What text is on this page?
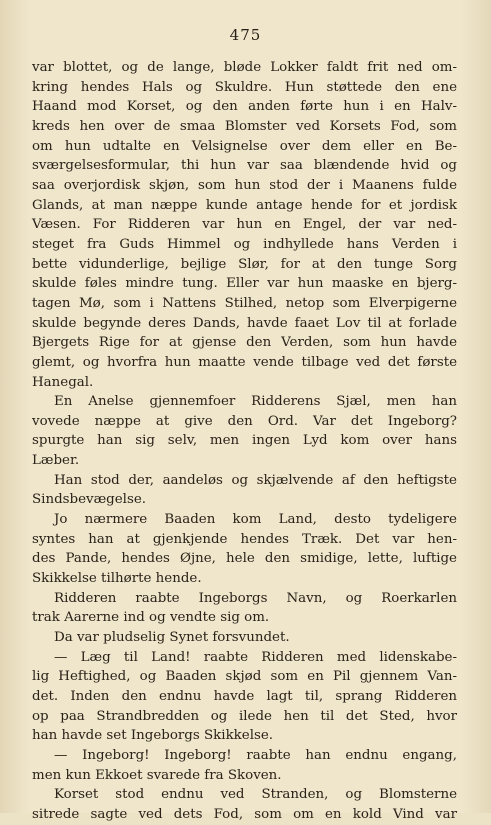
475
var blottet, og de lange, bløde Lokker faldt frit ned om-
kring hendes Hals og Skuldre. Hun støttede den ene
Haand mod Korset, og den anden førte hun i en Halv-
kreds hen over de smaa Blomster ved Korsets Fod, som
om hun udtalte en Velsignelse over dem eller en Be-
sværgelsesformular, thi hun var saa blændende hvid og
saa overjordisk skjøn, som hun stod der i Maanens fulde
Glands, at man næppe kunde antage hende for et jordisk
Væsen. For Ridderen var hun en Engel, der var ned-
steget fra Guds Himmel og indhyllede hans Verden i
bette vidunderlige, bejlige Slør, for at den tunge Sorg
skulde føles mindre tung. Eller var hun maaske en bjerg-
tagen Mø, som i Nattens Stilhed, netop som Elverpigerne
skulde begynde deres Dands, havde faaet Lov til at forlade
Bjergets Rige for at gjense den Verden, som hun havde
glemt, og hvorfra hun maatte vende tilbage ved det første
Hanegal.
En Anelse gjennemfoer Ridderens Sjæl, men han
vovede næppe at give den Ord. Var det Ingeborg?
spurgte han sig selv, men ingen Lyd kom over hans
Læber.
Han stod der, aandeløs og skjælvende af den heftigste
Sindsbevægelse.
Jo nærmere Baaden kom Land, desto tydeligere
syntes han at gjenkjende hendes Træk. Det var hen-
des Pande, hendes Øjne, hele den smidige, lette, luftige
Skikkelse tilhørte hende.
Ridderen raabte Ingeborgs Navn, og Roerkarlen
trak Aarerne ind og vendte sig om.
Da var pludselig Synet forsvundet.
— Læg til Land! raabte Ridderen med lidenskabe-
lig Heftighed, og Baaden skjød som en Pil gjennem Van-
det. Inden den endnu havde lagt til, sprang Ridderen
op paa Strandbredden og ilede hen til det Sted, hvor
han havde set Ingeborgs Skikkelse.
— Ingeborg! Ingeborg! raabte han endnu engang,
men kun Ekkoet svarede fra Skoven.
Korset stod endnu ved Stranden, og Blomsterne
sitrede sagte ved dets Fod, som om en kold Vind var
